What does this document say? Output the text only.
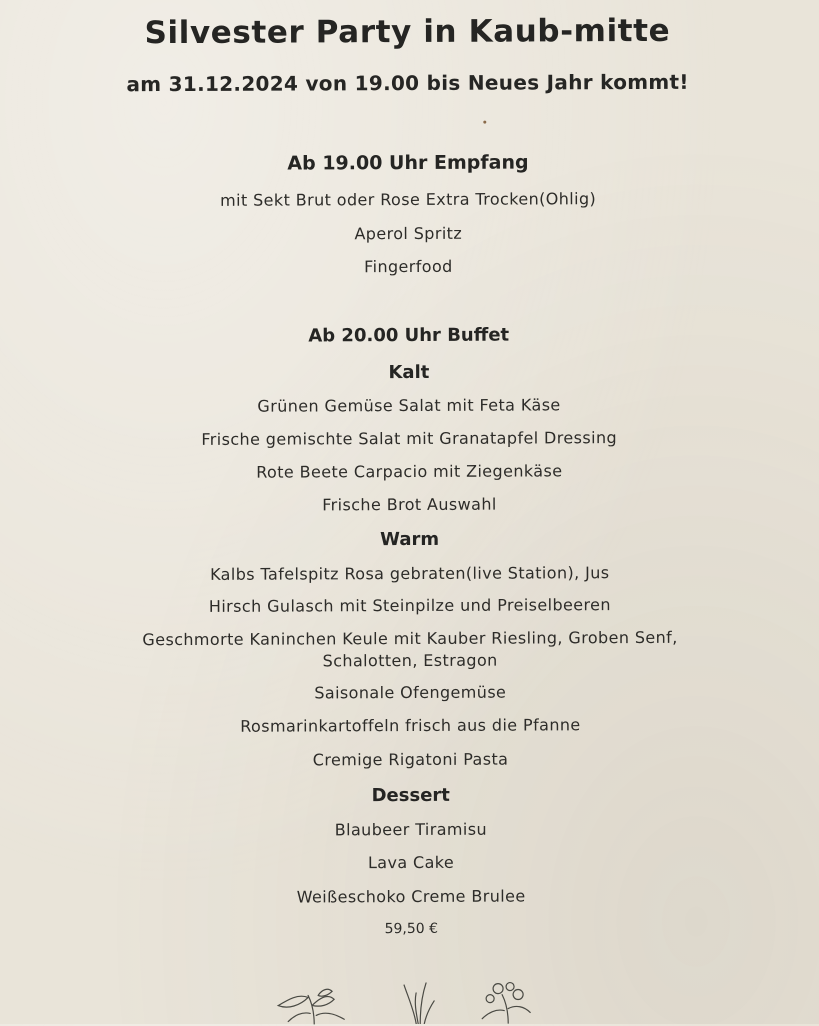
Silvester Party in Kaub-mitte
am 31.12.2024 von 19.00 bis Neues Jahr kommt!
Ab 19.00 Uhr Empfang
mit Sekt Brut oder Rose Extra Trocken(Ohlig)
Aperol Spritz
Fingerfood
Ab 20.00 Uhr Buffet
Kalt
Grünen Gemüse Salat mit Feta Käse
Frische gemischte Salat mit Granatapfel Dressing
Rote Beete Carpacio mit Ziegenkäse
Frische Brot Auswahl
Warm
Kalbs Tafelspitz Rosa gebraten(live Station), Jus
Hirsch Gulasch mit Steinpilze und Preiselbeeren
Geschmorte Kaninchen Keule mit Kauber Riesling, Groben Senf,
Schalotten, Estragon
Saisonale Ofengemüse
Rosmarinkartoffeln frisch aus die Pfanne
Cremige Rigatoni Pasta
Dessert
Blaubeer Tiramisu
Lava Cake
Weißeschoko Creme Brulee
59,50 €
